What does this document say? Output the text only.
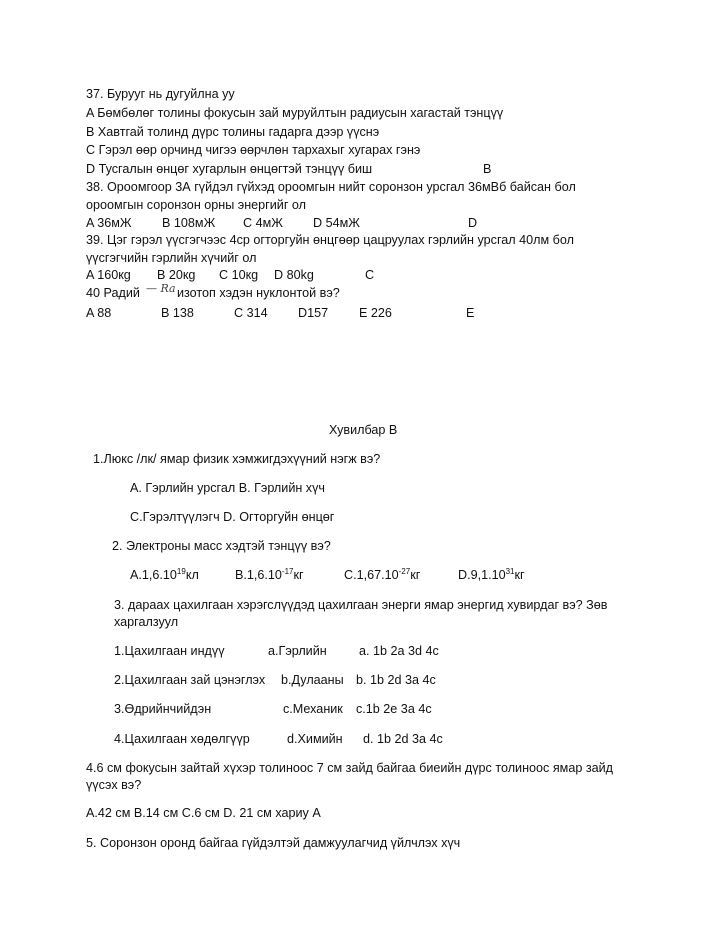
37. Бурууг нь дугуйлна уу
A Бөмбөлөг толины фокусын зай муруйлтын радиусын хагастай тэнцүү
B Хавтгай толинд дүрс толины гадарга дээр үүснэ
C Гэрэл өөр орчинд чигээ өөрчлөн тархахыг хугарах гэнэ
D Тусгалын өнцөг хугарлын өнцөгтэй тэнцүү биш	B
38. Ороомгоор 3А гүйдэл гүйхэд ороомгын нийт соронзон урсгал 36мВб байсан бол
ороомгын соронзон орны энергийг ол
A 36мЖ B 108мЖ C 4мЖ D 54мЖ	D
39. Цэг гэрэл үүсгэгчээс 4ср огторгуйн өнцгөөр цацруулах гэрлийн урсгал 40лм бол
үүсгэгчийн гэрлийн хүчийг ол
A 160кg B 20кg C 10кg D 80kg	C
40 Радий — Ra изотоп хэдэн нуклонтой вэ?
A 88	B 138	C 314 D157 E 226	E
Хувилбар В
1.Люкс /лк/ ямар физик хэмжигдэхүүний нэгж вэ?
A. Гэрлийн урсгал B. Гэрлийн хүч
C.Гэрэлтүүлэгч D. Огторгуйн өнцөг
2. Электроны масс хэдтэй тэнцүү вэ?
A.1,6.10$^{19}$кл	$B.1,6.10^{-17}кг$	$C.1,67.10^{-27}кг$	D.9,1.10$^{31}$кг
3. дараах цахилгаан хэрэгслүүдэд цахилгаан энерги ямар энергид хувирдаг вэ? Зөв
харгалзуул
1.Цахилгаан индүү	a.Гэрлийн	a. 1b 2a 3d 4c
2.Цахилгаан зай цэнэглэх b.Дулааны b. 1b 2d 3a 4c
3.Өдрийнчийдэн	c.Механик c.1b 2e 3a 4c
4.Цахилгаан хөдөлгүүр	d.Химийн d. 1b 2d 3a 4c
4.6 см фокусын зайтай хүхэр толиноос 7 см зайд байгаа биеийн дүрс толиноос ямар зайд
үүсэх вэ?
A.42 см B.14 см C.6 см D. 21 см хариу А
5. Соронзон оронд байгаа гүйдэлтэй дамжуулагчид үйлчлэх хүч
